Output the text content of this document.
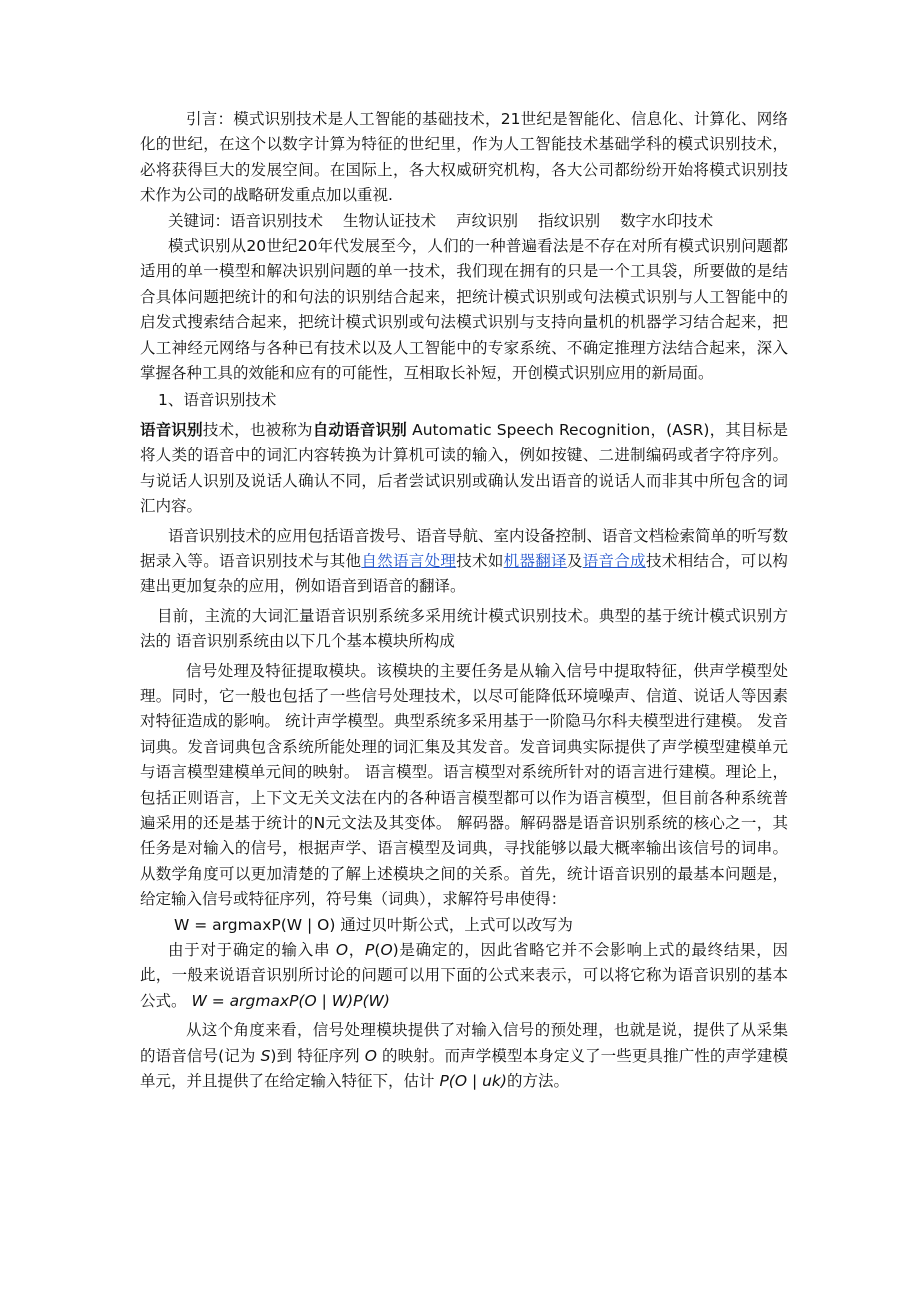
引言：模式识别技术是人工智能的基础技术，21世纪是智能化、信息化、计算化、网络化的世纪，在这个以数字计算为特征的世纪里，作为人工智能技术基础学科的模式识别技术，必将获得巨大的发展空间。在国际上，各大权威研究机构，各大公司都纷纷开始将模式识别技术作为公司的战略研发重点加以重视.

关键词：语音识别技术 生物认证技术 声纹识别 指纹识别 数字水印技术

模式识别从20世纪20年代发展至今，人们的一种普遍看法是不存在对所有模式识别问题都适用的单一模型和解决识别问题的单一技术，我们现在拥有的只是一个工具袋，所要做的是结合具体问题把统计的和句法的识别结合起来，把统计模式识别或句法模式识别与人工智能中的启发式搜索结合起来，把统计模式识别或句法模式识别与支持向量机的机器学习结合起来，把人工神经元网络与各种已有技术以及人工智能中的专家系统、不确定推理方法结合起来，深入掌握各种工具的效能和应有的可能性，互相取长补短，开创模式识别应用的新局面。

1、语音识别技术

语音识别技术，也被称为自动语音识别 Automatic Speech Recognition，(ASR)，其目标是将人类的语音中的词汇内容转换为计算机可读的输入，例如按键、二进制编码或者字符序列。与说话人识别及说话人确认不同，后者尝试识别或确认发出语音的说话人而非其中所包含的词汇内容。

语音识别技术的应用包括语音拨号、语音导航、室内设备控制、语音文档检索简单的听写数据录入等。语音识别技术与其他自然语言处理技术如机器翻译及语音合成技术相结合，可以构建出更加复杂的应用，例如语音到语音的翻译。

目前，主流的大词汇量语音识别系统多采用统计模式识别技术。典型的基于统计模式识别方法的 语音识别系统由以下几个基本模块所构成

信号处理及特征提取模块。该模块的主要任务是从输入信号中提取特征，供声学模型处理。同时，它一般也包括了一些信号处理技术，以尽可能降低环境噪声、信道、说话人等因素对特征造成的影响。 统计声学模型。典型系统多采用基于一阶隐马尔科夫模型进行建模。 发音词典。发音词典包含系统所能处理的词汇集及其发音。发音词典实际提供了声学模型建模单元与语言模型建模单元间的映射。 语言模型。语言模型对系统所针对的语言进行建模。理论上，包括正则语言，上下文无关文法在内的各种语言模型都可以作为语言模型，但目前各种系统普遍采用的还是基于统计的N元文法及其变体。 解码器。解码器是语音识别系统的核心之一，其任务是对输入的信号，根据声学、语言模型及词典，寻找能够以最大概率输出该信号的词串。 从数学角度可以更加清楚的了解上述模块之间的关系。首先，统计语音识别的最基本问题是，给定输入信号或特征序列，符号集（词典），求解符号串使得：

W = argmaxP(W | O) 通过贝叶斯公式，上式可以改写为

由于对于确定的输入串 O，P(O)是确定的，因此省略它并不会影响上式的最终结果，因此，一般来说语音识别所讨论的问题可以用下面的公式来表示，可以将它称为语音识别的基本公式。 W = argmaxP(O | W)P(W)

从这个角度来看，信号处理模块提供了对输入信号的预处理，也就是说，提供了从采集的语音信号(记为 S)到 特征序列 O 的映射。而声学模型本身定义了一些更具推广性的声学建模单元，并且提供了在给定输入特征下，估计 P(O | uk)的方法。
